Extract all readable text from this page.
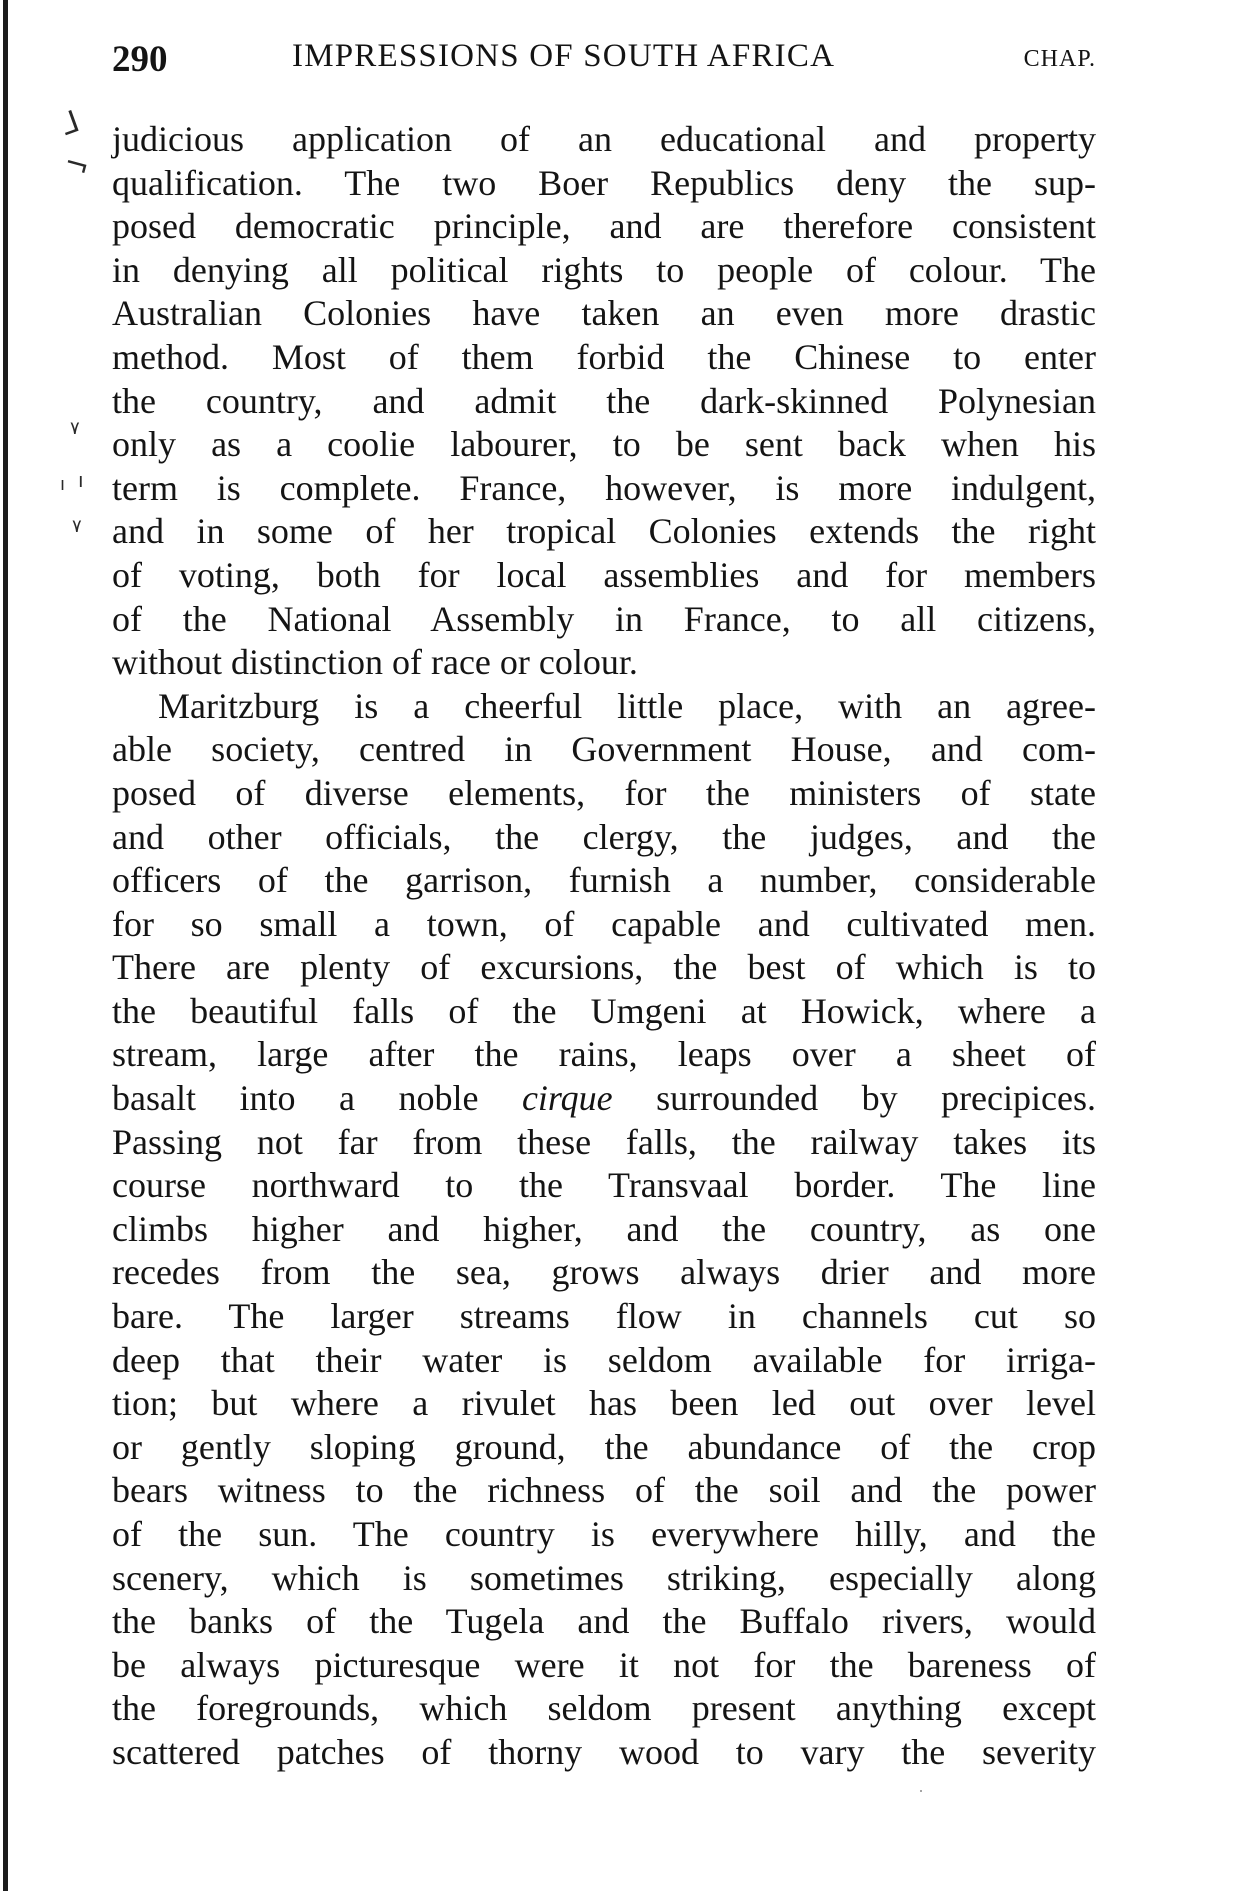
290	IMPRESSIONS OF SOUTH AFRICA	CHAP.
⅃
¬
٧
ı ı
٧
judicious application of an educational and property
qualification. The two Boer Republics deny the sup-
posed democratic principle, and are therefore consistent
in denying all political rights to people of colour. The
Australian Colonies have taken an even more drastic
method. Most of them forbid the Chinese to enter
the country, and admit the dark-skinned Polynesian
only as a coolie labourer, to be sent back when his
term is complete. France, however, is more indulgent,
and in some of her tropical Colonies extends the right
of voting, both for local assemblies and for members
of the National Assembly in France, to all citizens,
without distinction of race or colour.
Maritzburg is a cheerful little place, with an agree-
able society, centred in Government House, and com-
posed of diverse elements, for the ministers of state
and other officials, the clergy, the judges, and the
officers of the garrison, furnish a number, considerable
for so small a town, of capable and cultivated men.
There are plenty of excursions, the best of which is to
the beautiful falls of the Umgeni at Howick, where a
stream, large after the rains, leaps over a sheet of
basalt into a noble cirque surrounded by precipices.
Passing not far from these falls, the railway takes its
course northward to the Transvaal border. The line
climbs higher and higher, and the country, as one
recedes from the sea, grows always drier and more
bare. The larger streams flow in channels cut so
deep that their water is seldom available for irriga-
tion; but where a rivulet has been led out over level
or gently sloping ground, the abundance of the crop
bears witness to the richness of the soil and the power
of the sun. The country is everywhere hilly, and the
scenery, which is sometimes striking, especially along
the banks of the Tugela and the Buffalo rivers, would
be always picturesque were it not for the bareness of
the foregrounds, which seldom present anything except
scattered patches of thorny wood to vary the severity
